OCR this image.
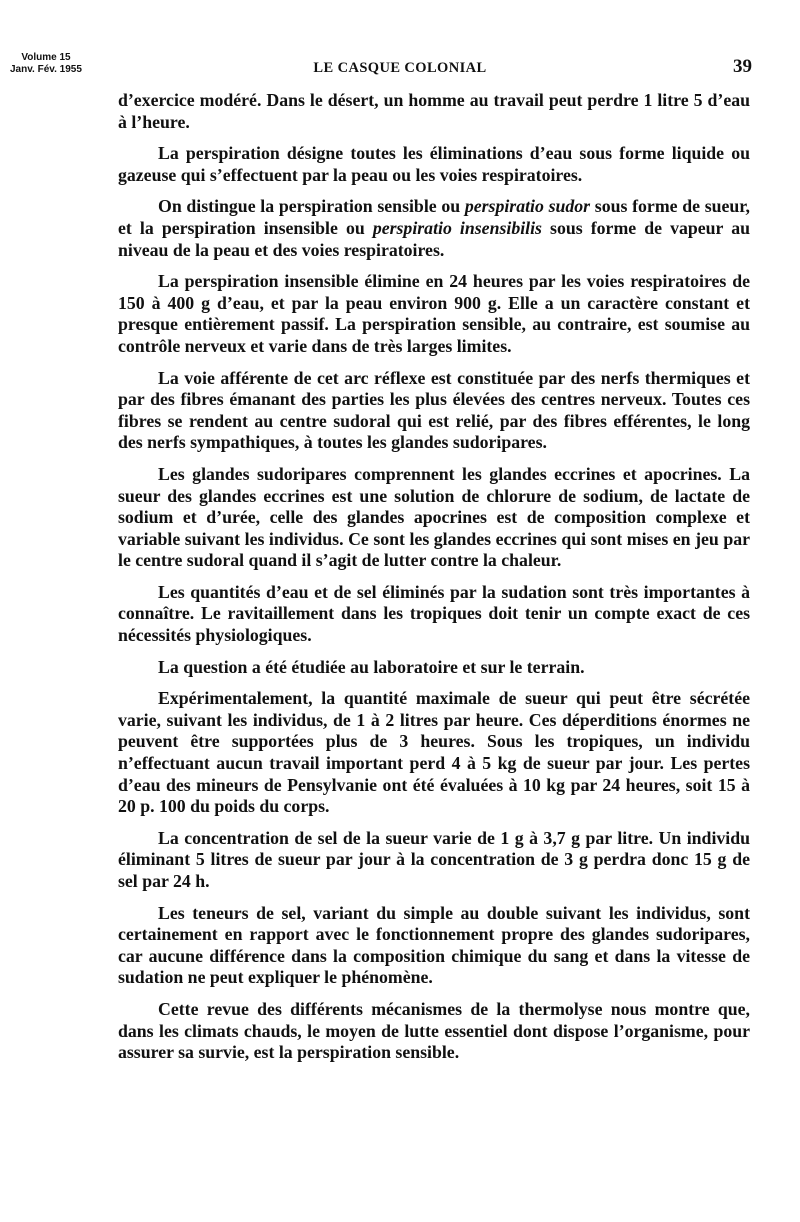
Volume 15
Janv. Fév. 1955	LE CASQUE COLONIAL	39

d’exercice modéré. Dans le désert, un homme au travail peut perdre 1 litre 5 d’eau à l’heure.

La perspiration désigne toutes les éliminations d’eau sous forme liquide ou gazeuse qui s’effectuent par la peau ou les voies respiratoires.

On distingue la perspiration sensible ou perspiratio sudor sous forme de sueur, et la perspiration insensible ou perspiratio insensibilis sous forme de vapeur au niveau de la peau et des voies respiratoires.

La perspiration insensible élimine en 24 heures par les voies respiratoires de 150 à 400 g d’eau, et par la peau environ 900 g. Elle a un caractère constant et presque entièrement passif. La perspiration sensible, au contraire, est soumise au contrôle nerveux et varie dans de très larges limites.

La voie afférente de cet arc réflexe est constituée par des nerfs thermiques et par des fibres émanant des parties les plus élevées des centres nerveux. Toutes ces fibres se rendent au centre sudoral qui est relié, par des fibres efférentes, le long des nerfs sympathiques, à toutes les glandes sudoripares.

Les glandes sudoripares comprennent les glandes eccrines et apocrines. La sueur des glandes eccrines est une solution de chlorure de sodium, de lactate de sodium et d’urée, celle des glandes apocrines est de composition complexe et variable suivant les individus. Ce sont les glandes eccrines qui sont mises en jeu par le centre sudoral quand il s’agit de lutter contre la chaleur.

Les quantités d’eau et de sel éliminés par la sudation sont très importantes à connaître. Le ravitaillement dans les tropiques doit tenir un compte exact de ces nécessités physiologiques.

La question a été étudiée au laboratoire et sur le terrain.

Expérimentalement, la quantité maximale de sueur qui peut être sécrétée varie, suivant les individus, de 1 à 2 litres par heure. Ces déperditions énormes ne peuvent être supportées plus de 3 heures. Sous les tropiques, un individu n’effectuant aucun travail important perd 4 à 5 kg de sueur par jour. Les pertes d’eau des mineurs de Pensylvanie ont été évaluées à 10 kg par 24 heures, soit 15 à 20 p. 100 du poids du corps.

La concentration de sel de la sueur varie de 1 g à 3,7 g par litre. Un individu éliminant 5 litres de sueur par jour à la concentration de 3 g perdra donc 15 g de sel par 24 h.

Les teneurs de sel, variant du simple au double suivant les individus, sont certainement en rapport avec le fonctionnement propre des glandes sudoripares, car aucune différence dans la composition chimique du sang et dans la vitesse de sudation ne peut expliquer le phénomène.

Cette revue des différents mécanismes de la thermolyse nous montre que, dans les climats chauds, le moyen de lutte essentiel dont dispose l’organisme, pour assurer sa survie, est la perspiration sensible.
